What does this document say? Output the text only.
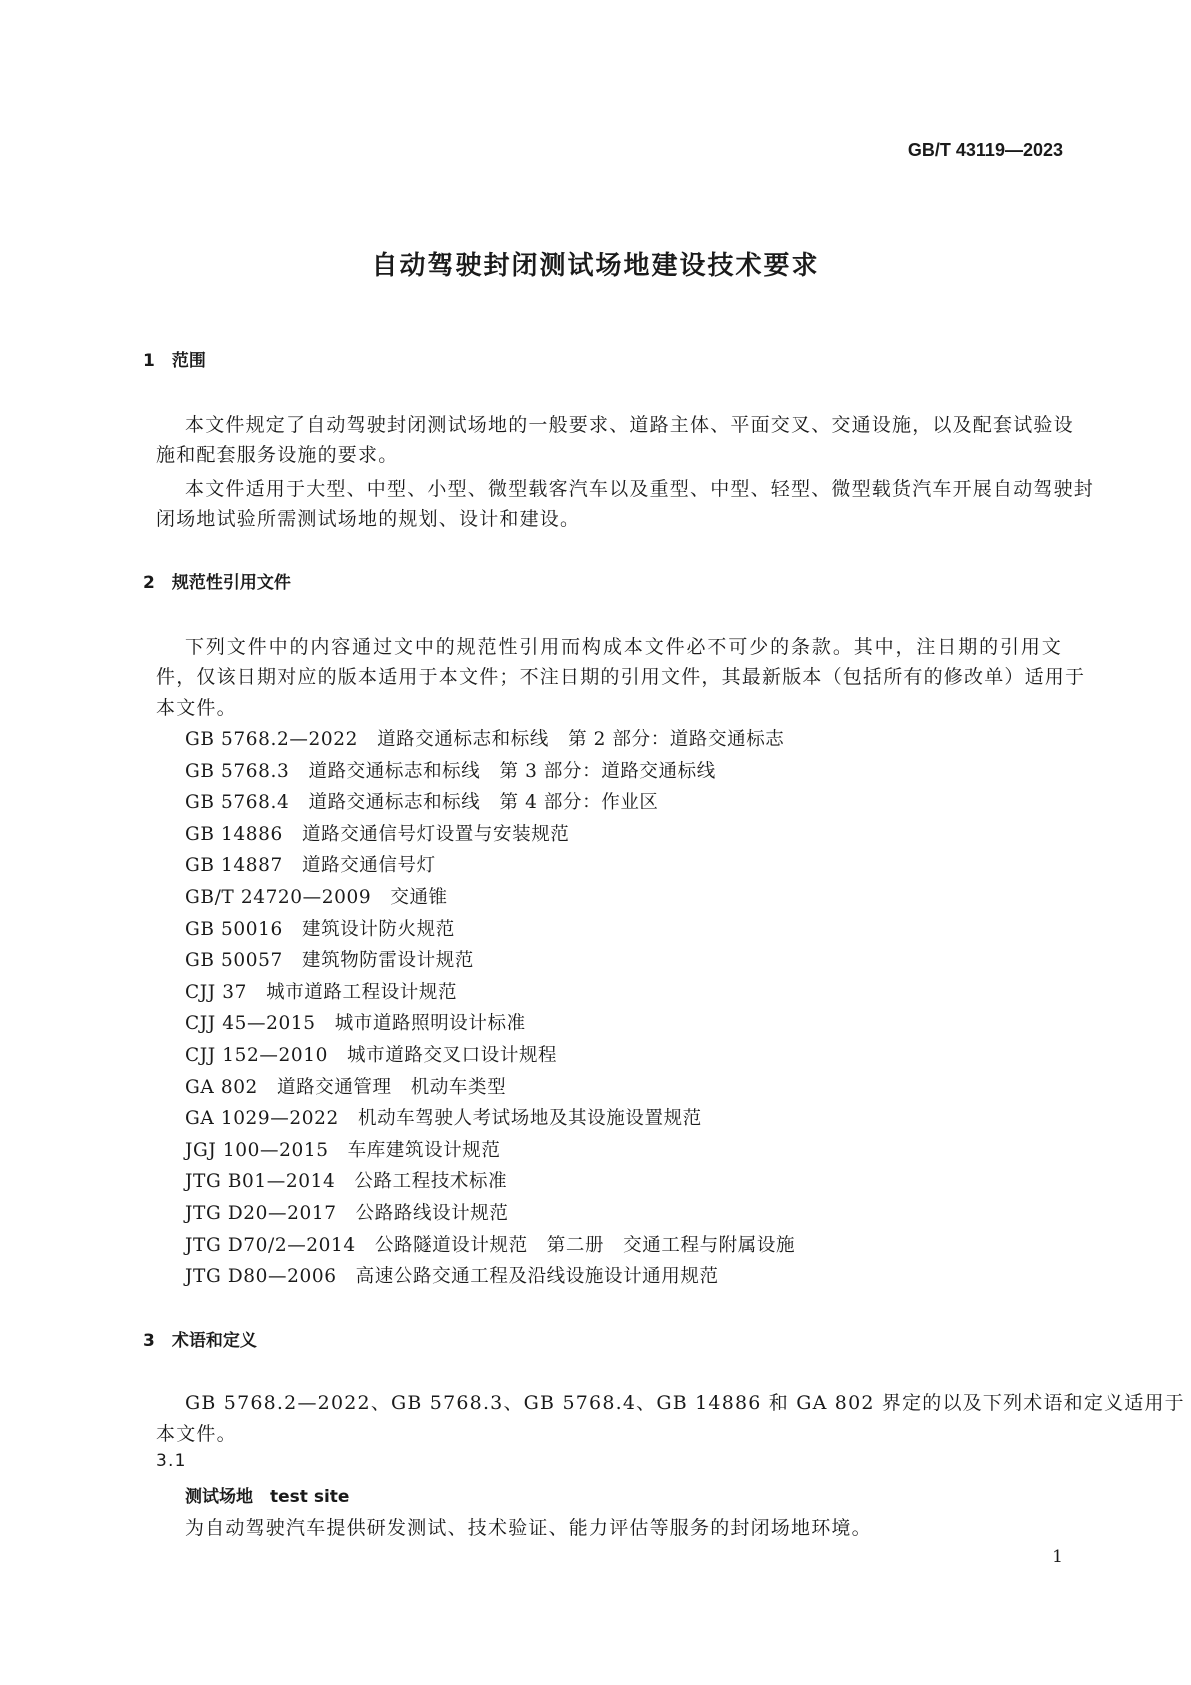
GB/T 43119—2023
自动驾驶封闭测试场地建设技术要求
1　范围
本文件规定了自动驾驶封闭测试场地的一般要求、道路主体、平面交叉、交通设施，以及配套试验设
施和配套服务设施的要求。
本文件适用于大型、中型、小型、微型载客汽车以及重型、中型、轻型、微型载货汽车开展自动驾驶封
闭场地试验所需测试场地的规划、设计和建设。
2　规范性引用文件
下列文件中的内容通过文中的规范性引用而构成本文件必不可少的条款。其中，注日期的引用文
件，仅该日期对应的版本适用于本文件；不注日期的引用文件，其最新版本（包括所有的修改单）适用于
本文件。
GB 5768.2—2022　道路交通标志和标线　第 2 部分：道路交通标志
GB 5768.3　道路交通标志和标线　第 3 部分：道路交通标线
GB 5768.4　道路交通标志和标线　第 4 部分：作业区
GB 14886　道路交通信号灯设置与安装规范
GB 14887　道路交通信号灯
GB/T 24720—2009　交通锥
GB 50016　建筑设计防火规范
GB 50057　建筑物防雷设计规范
CJJ 37　城市道路工程设计规范
CJJ 45—2015　城市道路照明设计标准
CJJ 152—2010　城市道路交叉口设计规程
GA 802　道路交通管理　机动车类型
GA 1029—2022　机动车驾驶人考试场地及其设施设置规范
JGJ 100—2015　车库建筑设计规范
JTG B01—2014　公路工程技术标准
JTG D20—2017　公路路线设计规范
JTG D70/2—2014　公路隧道设计规范　第二册　交通工程与附属设施
JTG D80—2006　高速公路交通工程及沿线设施设计通用规范
3　术语和定义
GB 5768.2—2022、GB 5768.3、GB 5768.4、GB 14886 和 GA 802 界定的以及下列术语和定义适用于
本文件。
3.1
测试场地　test site
为自动驾驶汽车提供研发测试、技术验证、能力评估等服务的封闭场地环境。
1
